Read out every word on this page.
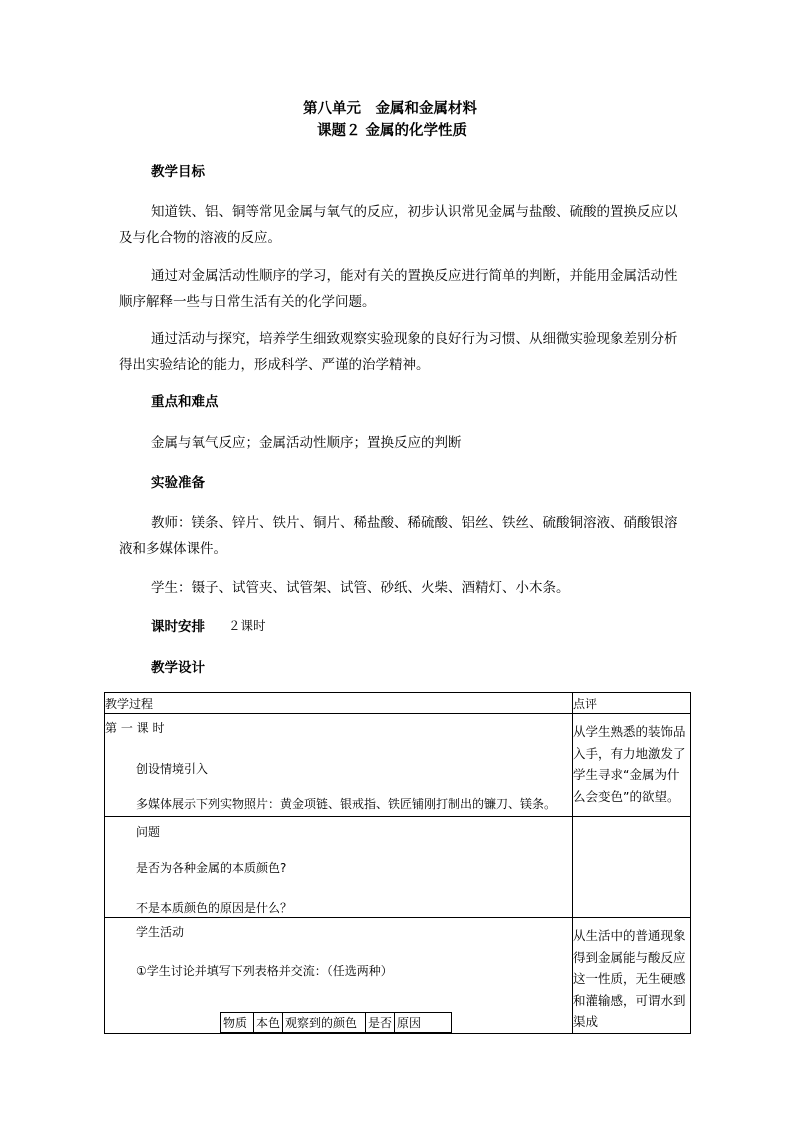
第八单元　金属和金属材料
课题２ 金属的化学性质
教学目标
知道铁、铝、铜等常见金属与氧气的反应，初步认识常见金属与盐酸、硫酸的置换反应以及与化合物的溶液的反应。
通过对金属活动性顺序的学习，能对有关的置换反应进行简单的判断，并能用金属活动性顺序解释一些与日常生活有关的化学问题。
通过活动与探究，培养学生细致观察实验现象的良好行为习惯、从细微实验现象差别分析得出实验结论的能力，形成科学、严谨的治学精神。
重点和难点
金属与氧气反应；金属活动性顺序；置换反应的判断
实验准备
教师：镁条、锌片、铁片、铜片、稀盐酸、稀硫酸、铝丝、铁丝、硫酸铜溶液、硝酸银溶液和多媒体课件。
学生：镊子、试管夹、试管架、试管、砂纸、火柴、酒精灯、小木条。
课时安排 ２课时
教学设计
教学过程	点评

第 一 课 时
创设情境引入
多媒体展示下列实物照片：黄金项链、银戒指、铁匠铺刚打制出的镰刀、镁条。	从学生熟悉的装饰品入手，有力地激发了学生寻求“金属为什么会变色”的欲望。

问题
是否为各种金属的本质颜色?
不是本质颜色的原因是什么？	

学生活动
①学生讨论并填写下列表格并交流：（任选两种）	从生活中的普通现象得到金属能与酸反应这一性质，无生硬感和灌输感，可谓水到渠成
物质	本色	观察到的颜色	是否	原因
